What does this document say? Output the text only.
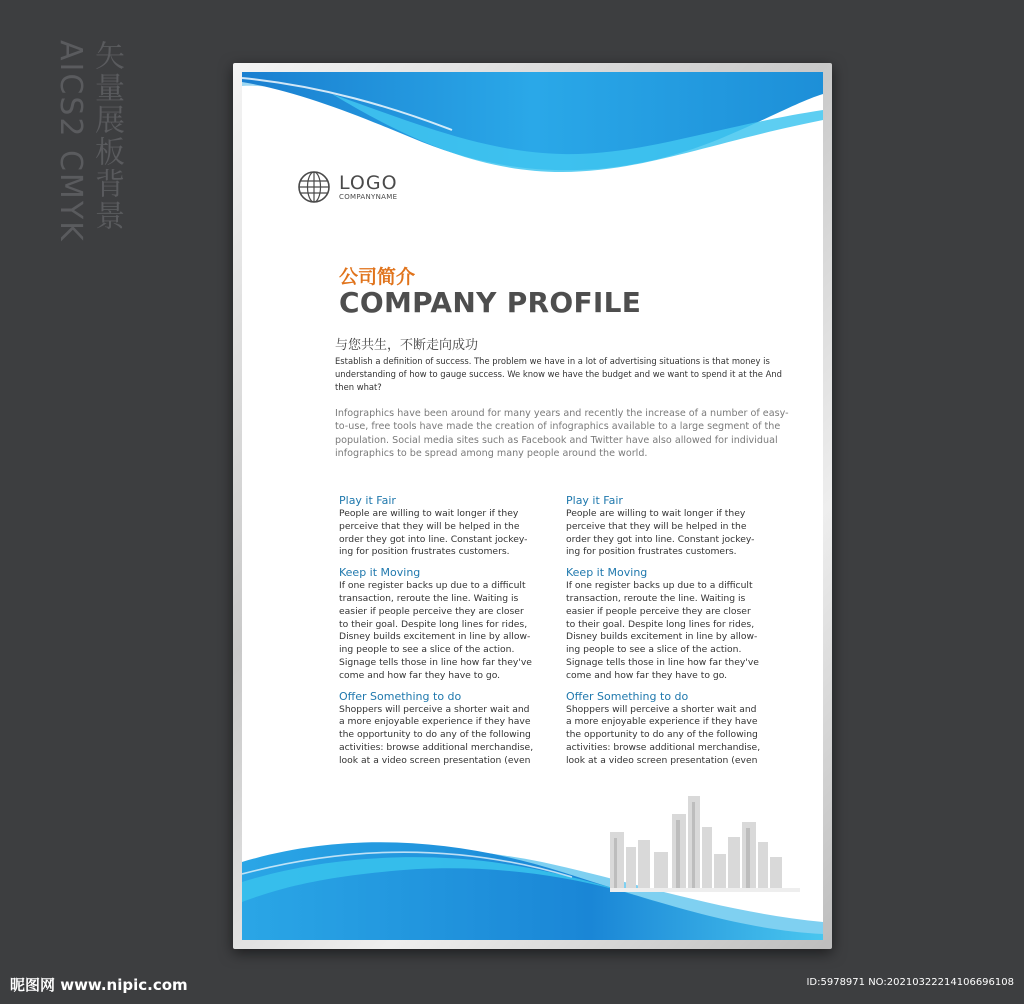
矢量展板背景
AICS2 CMYK	LOGO
COMPANYNAME
公司简介
COMPANY PROFILE
与您共生，不断走向成功
Establish a definition of success. The problem we have in a lot of advertising situations is that money is understanding of how to gauge success. We know we have the budget and we want to spend it at the And then what?
Infographics have been around for many years and recently the increase of a number of easy-to-use, free tools have made the creation of infographics available to a large segment of the population. Social media sites such as Facebook and Twitter have also allowed for individual infographics to be spread among many people around the world.
Play it Fair

People are willing to wait longer if they
perceive that they will be helped in the
order they got into line. Constant jockey-
ing for position frustrates customers.

Keep it Moving

If one register backs up due to a difficult
transaction, reroute the line. Waiting is
easier if people perceive they are closer
to their goal. Despite long lines for rides,
Disney builds excitement in line by allow-
ing people to see a slice of the action.
Signage tells those in line how far they've
come and how far they have to go.

Offer Something to do

Shoppers will perceive a shorter wait and
a more enjoyable experience if they have
the opportunity to do any of the following
activities: browse additional merchandise,
look at a video screen presentation (even

Play it Fair

People are willing to wait longer if they
perceive that they will be helped in the
order they got into line. Constant jockey-
ing for position frustrates customers.

Keep it Moving

If one register backs up due to a difficult
transaction, reroute the line. Waiting is
easier if people perceive they are closer
to their goal. Despite long lines for rides,
Disney builds excitement in line by allow-
ing people to see a slice of the action.
Signage tells those in line how far they've
come and how far they have to go.

Offer Something to do

Shoppers will perceive a shorter wait and
a more enjoyable experience if they have
the opportunity to do any of the following
activities: browse additional merchandise,
look at a video screen presentation (even

昵图网 www.nipic.com	ID:5978971 NO:20210322214106696108
